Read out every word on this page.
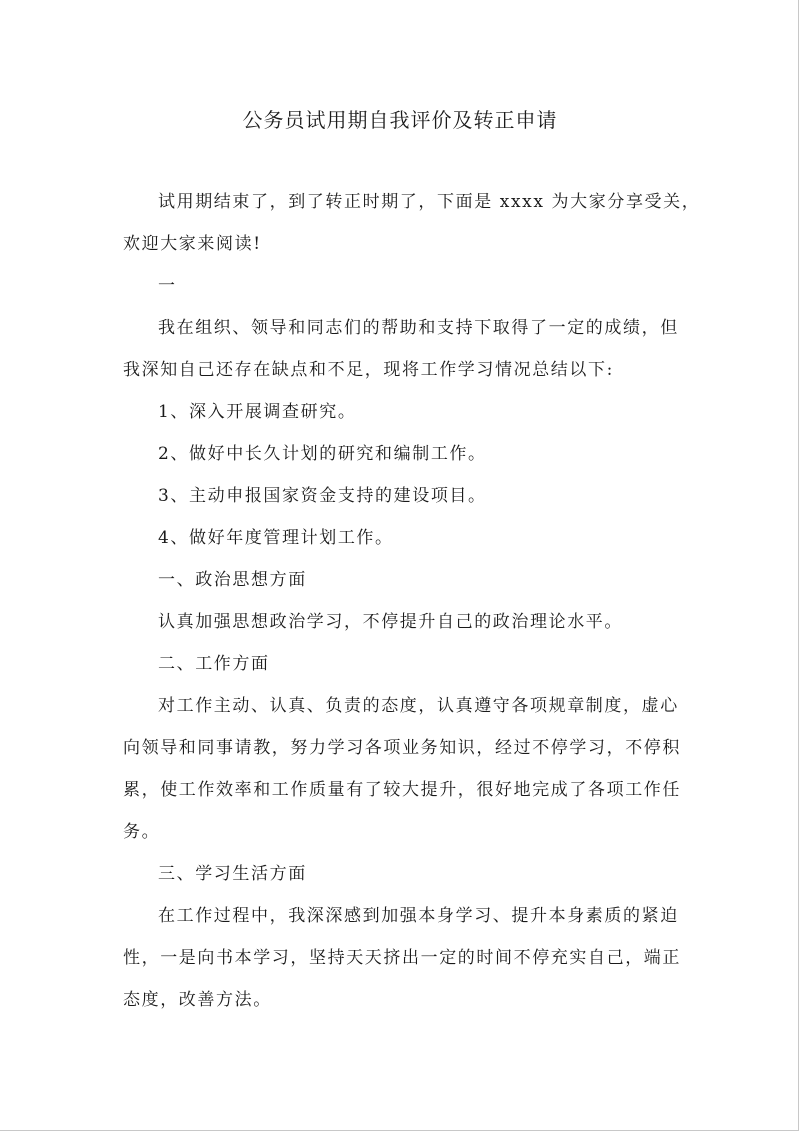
公务员试用期自我评价及转正申请
试用期结束了，到了转正时期了，下面是 xxxx 为大家分享受关，
欢迎大家来阅读!
一
我在组织、领导和同志们的帮助和支持下取得了一定的成绩，但
我深知自己还存在缺点和不足，现将工作学习情况总结以下:
1、深入开展调查研究。
2、做好中长久计划的研究和编制工作。
3、主动申报国家资金支持的建设项目。
4、做好年度管理计划工作。
一、政治思想方面
认真加强思想政治学习，不停提升自己的政治理论水平。
二、工作方面
对工作主动、认真、负责的态度，认真遵守各项规章制度，虚心
向领导和同事请教，努力学习各项业务知识，经过不停学习，不停积
累，使工作效率和工作质量有了较大提升，很好地完成了各项工作任
务。
三、学习生活方面
在工作过程中，我深深感到加强本身学习、提升本身素质的紧迫
性，一是向书本学习，坚持天天挤出一定的时间不停充实自己，端正
态度，改善方法。
